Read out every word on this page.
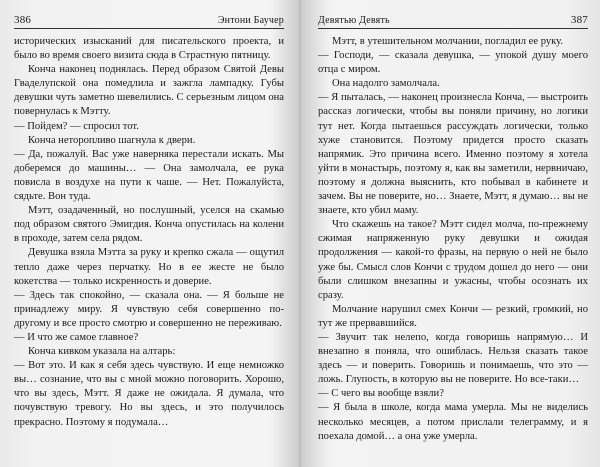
386	Энтони Баучер

исторических изысканий для писательского проекта, и было во время своего визита сюда в Страстную пятницу.

Конча наконец поднялась. Перед образом Святой Девы Гваделупской она помедлила и зажгла лампадку. Губы девушки чуть заметно шевелились. С серьезным лицом она повернулась к Мэтту.

— Пойдем? — спросил тот.

Конча неторопливо шагнула к двери.

— Да, пожалуй. Вас уже наверняка перестали искать. Мы доберемся до машины… — Она замолчала, ее рука повисла в воздухе на пути к чаше. — Нет. Пожалуйста, сядьте. Вон туда.

Мэтт, озадаченный, но послушный, уселся на скамью под образом святого Эмигдия. Конча опустилась на колени в проходе, затем села рядом.

Девушка взяла Мэтта за руку и крепко сжала — ощутил тепло даже через перчатку. Но в ее жесте не было кокетства — только искренность и доверие.

— Здесь так спокойно, — сказала она. — Я больше не принадлежу миру. Я чувствую себя совершенно по-другому и все просто смотрю и совершенно не переживаю.

— И что же самое главное?

Конча кивком указала на алтарь:

— Вот это. И как я себя здесь чувствую. И еще немножко вы… сознание, что вы с мной можно поговорить. Хорошо, что вы здесь, Мэтт. Я даже не ожидала. Я думала, что почувствую тревогу. Но вы здесь, и это получилось прекрасно. Поэтому я подумала…

Девятью Девять	387

Мэтт, в утешительном молчании, погладил ее руку.

— Господи, — сказала девушка, — упокой душу моего отца с миром.

Она надолго замолчала.

— Я пыталась, — наконец произнесла Конча, — выстроить рассказ логически, чтобы вы поняли причину, но логики тут нет. Когда пытаешься рассуждать логически, только хуже становится. Поэтому придется просто сказать напрямик. Это причина всего. Именно поэтому я хотела уйти в монастырь, поэтому я, как вы заметили, нервничаю, поэтому я должна выяснить, кто побывал в кабинете и зачем. Вы не поверите, но… Знаете, Мэтт, я думаю… вы не знаете, кто убил маму.

Что скажешь на такое? Мэтт сидел молча, по-прежнему сжимая напряженную руку девушки и ожидая продолжения — какой-то фразы, на первую о ней не было уже бы. Смысл слов Кончи с трудом дошел до него — они были слишком внезапны и ужасны, чтобы осознать их сразу.

Молчание нарушил смех Кончи — резкий, громкий, но тут же прервавшийся.

— Звучит так нелепо, когда говоришь напрямую… И внезапно я поняла, что ошиблась. Нельзя сказать такое здесь — и поверить. Говоришь и понимаешь, что это — ложь. Глупость, в которую вы не поверите. Но все-таки…

— С чего вы вообще взяли?

— Я была в школе, когда мама умерла. Мы не виделись несколько месяцев, а потом прислали телеграмму, и я поехала домой… а она уже умерла.
